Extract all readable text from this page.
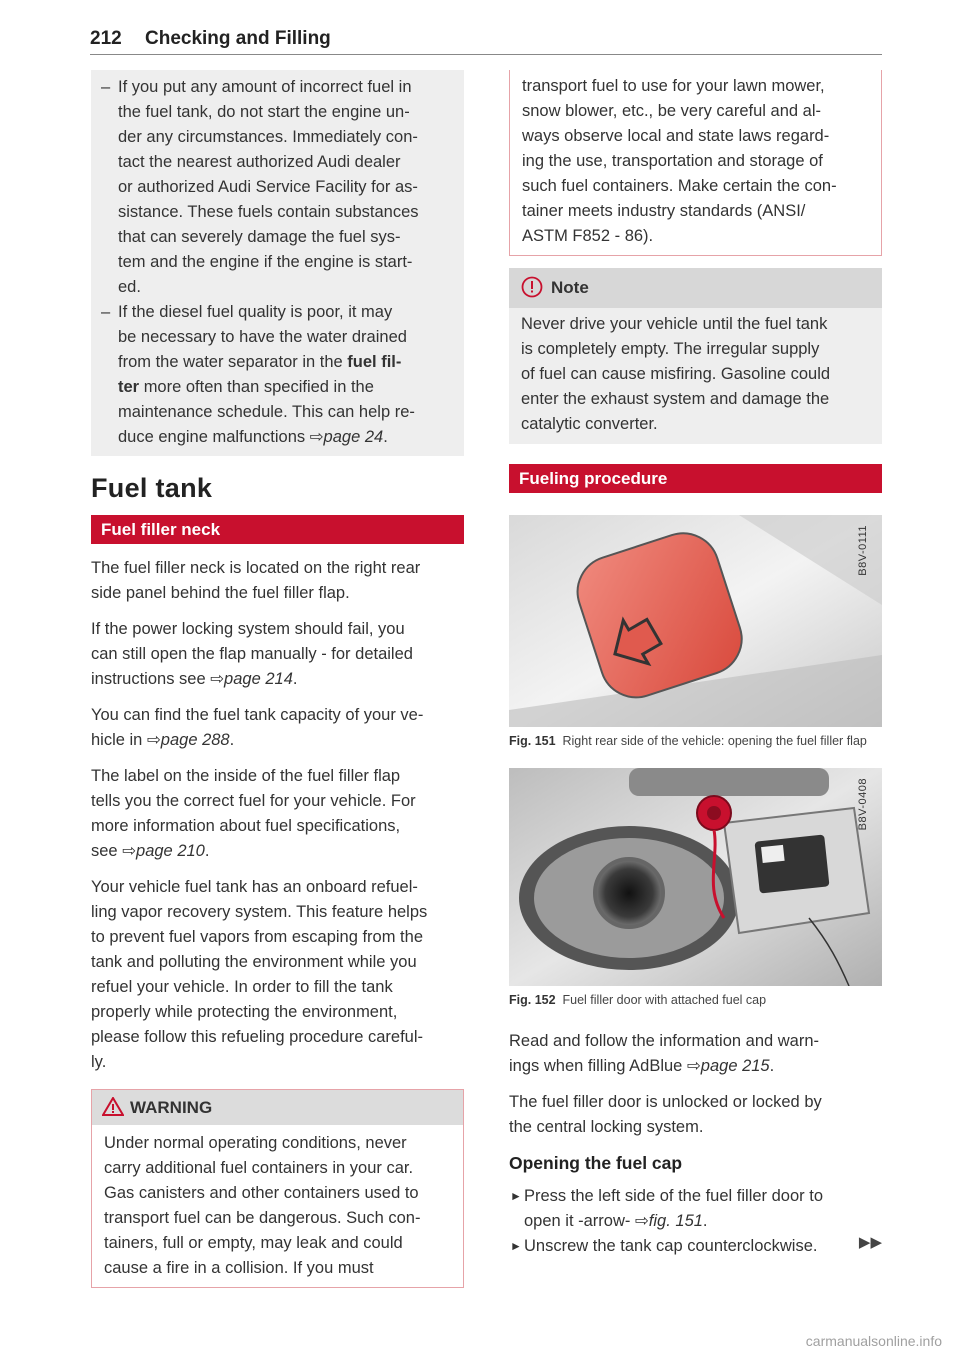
212 Checking and Filling
– If you put any amount of incorrect fuel in
the fuel tank, do not start the engine un-
der any circumstances. Immediately con-
tact the nearest authorized Audi dealer
or authorized Audi Service Facility for as-
sistance. These fuels contain substances
that can severely damage the fuel sys-
tem and the engine if the engine is start-
ed.
– If the diesel fuel quality is poor, it may
be necessary to have the water drained
from the water separator in the fuel fil-
ter more often than specified in the
maintenance schedule. This can help re-
duce engine malfunctions ⇨page 24.
Fuel tank
Fuel filler neck

The fuel filler neck is located on the right rear
side panel behind the fuel filler flap.

If the power locking system should fail, you
can still open the flap manually - for detailed
instructions see ⇨page 214.

You can find the fuel tank capacity of your ve-
hicle in ⇨page 288.

The label on the inside of the fuel filler flap
tells you the correct fuel for your vehicle. For
more information about fuel specifications,
see ⇨page 210.

Your vehicle fuel tank has an onboard refuel-
ling vapor recovery system. This feature helps
to prevent fuel vapors from escaping from the
tank and polluting the environment while you
refuel your vehicle. In order to fill the tank
properly while protecting the environment,
please follow this refueling procedure careful-
ly.

WARNING
Under normal operating conditions, never
carry additional fuel containers in your car.
Gas canisters and other containers used to
transport fuel can be dangerous. Such con-
tainers, full or empty, may leak and could
cause a fire in a collision. If you must
transport fuel to use for your lawn mower,
snow blower, etc., be very careful and al-
ways observe local and state laws regard-
ing the use, transportation and storage of
such fuel containers. Make certain the con-
tainer meets industry standards (ANSI/
ASTM F852 - 86).
Note
Never drive your vehicle until the fuel tank
is completely empty. The irregular supply
of fuel can cause misfiring. Gasoline could
enter the exhaust system and damage the
catalytic converter.
Fueling procedure
B8V-0111
Fig. 151 Right rear side of the vehicle: opening the fuel filler flap
B8V-0408
Fig. 152 Fuel filler door with attached fuel cap

Read and follow the information and warn-
ings when filling AdBlue ⇨page 215.

The fuel filler door is unlocked or locked by
the central locking system.

Opening the fuel cap
► Press the left side of the fuel filler door to
open it -arrow- ⇨fig. 151.
► Unscrew the tank cap counterclockwise.	▶▶
carmanualsonline.info
